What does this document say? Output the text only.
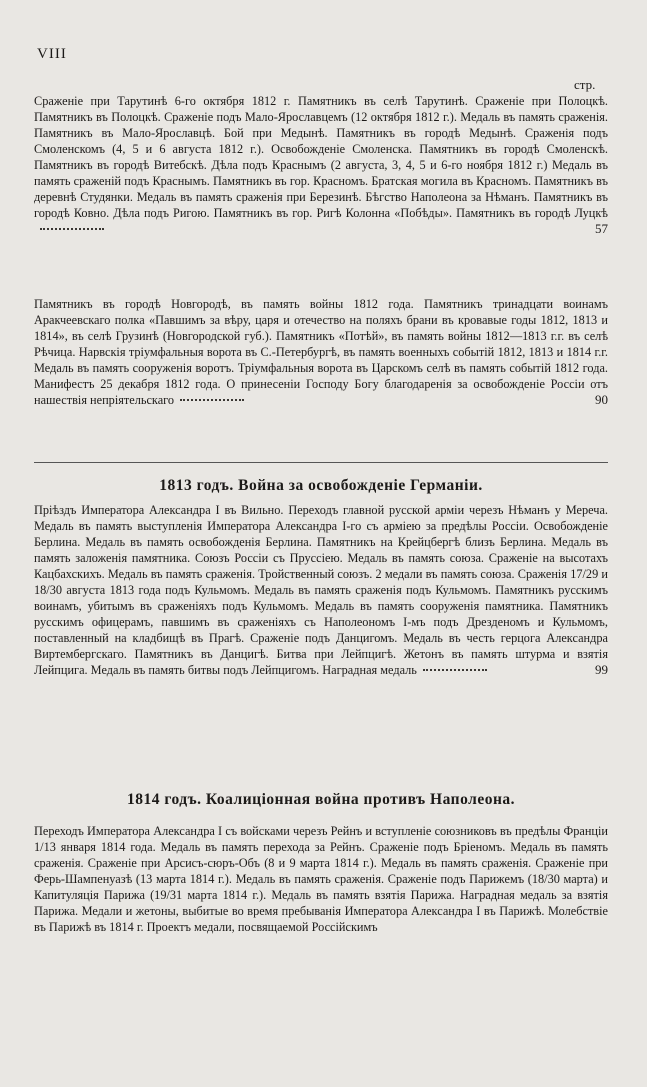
VIII
стр.
Сраженіе при Тарутинѣ 6-го октября 1812 г. Памятникъ въ селѣ Тарутинѣ. Сраженіе при Полоцкѣ. Памятникъ въ Полоцкѣ. Сраженіе подъ Мало-Ярославцемъ (12 октября 1812 г.). Медаль въ память сраженія. Памятникъ въ Мало-Ярославцѣ. Бой при Медынѣ. Памятникъ въ городѣ Медынѣ. Сраженія подъ Смоленскомъ (4, 5 и 6 августа 1812 г.). Освобожденіе Смоленска. Памятникъ въ городѣ Смоленскѣ. Памятникъ въ городѣ Витебскѣ. Дѣла подъ Краснымъ (2 августа, 3, 4, 5 и 6-го ноября 1812 г.) Медаль въ память сраженій подъ Краснымъ. Памятникъ въ гор. Красномъ. Братская могила въ Красномъ. Памятникъ въ деревнѣ Студянки. Медаль въ память сраженія при Березинѣ. Бѣгство Наполеона за Нѣманъ. Памятникъ въ городѣ Ковно. Дѣла подъ Ригою. Памятникъ въ гор. Ригѣ Колонна «Побѣды». Памятникъ въ городѣ Луцкѣ
57
Памятникъ въ городѣ Новгородѣ, въ память войны 1812 года. Памятникъ тринадцати воинамъ Аракчеевскаго полка «Павшимъ за вѣру, царя и отечество на поляхъ брани въ кровавые годы 1812, 1813 и 1814», въ селѣ Грузинѣ (Новгородской губ.). Памятникъ «Потѣй», въ память войны 1812—1813 г.г. въ селѣ Рѣчица. Нарвскія тріумфальныя ворота въ С.-Петербургѣ, въ память военныхъ событій 1812, 1813 и 1814 г.г. Медаль въ память сооруженія воротъ. Тріумфальныя ворота въ Царскомъ селѣ въ память событій 1812 года. Манифестъ 25 декабря 1812 года. О принесеніи Господу Богу благодаренія за освобожденіе Россіи отъ нашествія непріятельскаго	90
1813 годъ. Война за освобожденіе Германіи.
Пріѣздъ Императора Александра I въ Вильно. Переходъ главной русской арміи черезъ Нѣманъ у Мереча. Медаль въ память выступленія Императора Александра I-го съ арміею за предѣлы Россіи. Освобожденіе Берлина. Медаль въ память освобожденія Берлина. Памятникъ на Крейцбергѣ близъ Берлина. Медаль въ память заложенія памятника. Союзъ Россіи съ Пруссіею. Медаль въ память союза. Сраженіе на высотахъ Кацбахскихъ. Медаль въ память сраженія. Тройственный союзъ. 2 медали въ память союза. Сраженія 17/29 и 18/30 августа 1813 года подъ Кульмомъ. Медаль въ память сраженія подъ Кульмомъ. Памятникъ русскимъ воинамъ, убитымъ въ сраженіяхъ подъ Кульмомъ. Медаль въ память сооруженія памятника. Памятникъ русскимъ офицерамъ, павшимъ въ сраженіяхъ съ Наполеономъ I-мъ подъ Дрезденомъ и Кульмомъ, поставленный на кладбищѣ въ Прагѣ. Сраженіе подъ Данцигомъ. Медаль въ честь герцога Александра Виртембергскаго. Памятникъ въ Данцигѣ. Битва при Лейпцигѣ. Жетонъ въ память штурма и взятія Лейпцига. Медаль въ память битвы подъ Лейпцигомъ. Наградная медаль	99
1814 годъ. Коалиціонная война противъ Наполеона.
Переходъ Императора Александра I съ войсками черезъ Рейнъ и вступленіе союзниковъ въ предѣлы Франціи 1/13 января 1814 года. Медаль въ память перехода за Рейнъ. Сраженіе подъ Бріеномъ. Медаль въ память сраженія. Сраженіе при Арсисъ-сюръ-Объ (8 и 9 марта 1814 г.). Медаль въ память сраженія. Сраженіе при Ферь-Шампенуазѣ (13 марта 1814 г.). Медаль въ память сраженія. Сраженіе подъ Парижемъ (18/30 марта) и Капитуляція Парижа (19/31 марта 1814 г.). Медаль въ память взятія Парижа. Наградная медаль за взятія Парижа. Медали и жетоны, выбитые во время пребыванія Императора Александра I въ Парижѣ. Молебствіе въ Парижѣ въ 1814 г. Проектъ медали, посвящаемой Россійскимъ
